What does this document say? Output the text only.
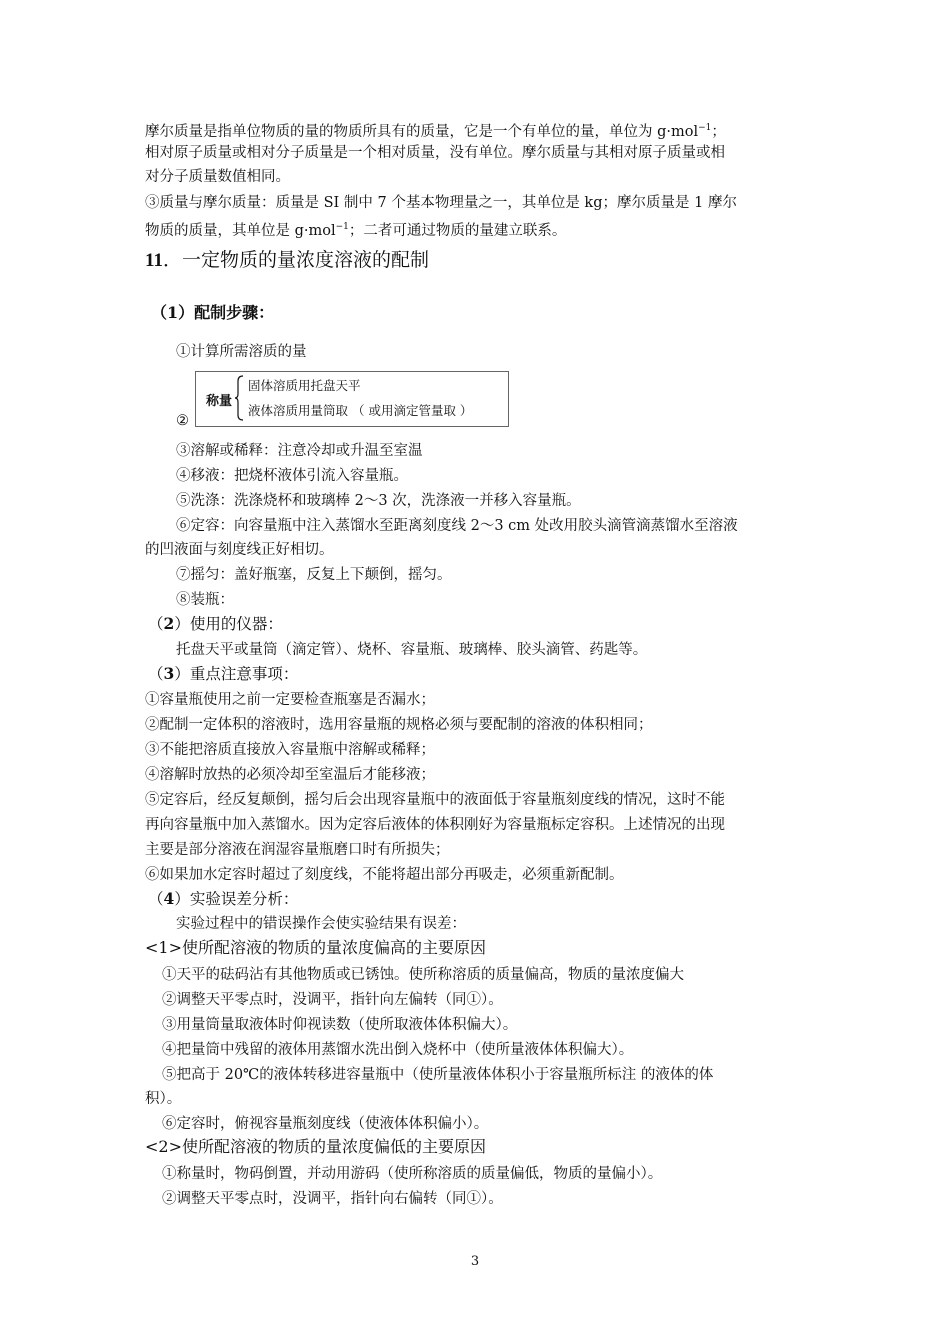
摩尔质量是指单位物质的量的物质所具有的质量，它是一个有单位的量，单位为 g·mol$^{-1}$；
相对原子质量或相对分子质量是一个相对质量，没有单位。摩尔质量与其相对原子质量或相
对分子质量数值相同。
③质量与摩尔质量：质量是 SI 制中 7 个基本物理量之一，其单位是 kg；摩尔质量是 1 摩尔
物质的质量，其单位是 g·mol$^{-1}$；二者可通过物质的量建立联系。
11．一定物质的量浓度溶液的配制
（1）配制步骤：
①计算所需溶质的量
称量
固体溶质用托盘天平
液体溶质用量筒取 （ 或用滴定管量取 ）
②
③溶解或稀释：注意冷却或升温至室温
④移液：把烧杯液体引流入容量瓶。
⑤洗涤：洗涤烧杯和玻璃棒 2～3 次，洗涤液一并移入容量瓶。
⑥定容：向容量瓶中注入蒸馏水至距离刻度线 2～3 cm 处改用胶头滴管滴蒸馏水至溶液
的凹液面与刻度线正好相切。
⑦摇匀：盖好瓶塞，反复上下颠倒，摇匀。
⑧装瓶：
（2）使用的仪器：
托盘天平或量筒（滴定管）、烧杯、容量瓶、玻璃棒、胶头滴管、药匙等。
（3）重点注意事项：
①容量瓶使用之前一定要检查瓶塞是否漏水；
②配制一定体积的溶液时，选用容量瓶的规格必须与要配制的溶液的体积相同；
③不能把溶质直接放入容量瓶中溶解或稀释；
④溶解时放热的必须冷却至室温后才能移液；
⑤定容后，经反复颠倒，摇匀后会出现容量瓶中的液面低于容量瓶刻度线的情况，这时不能
再向容量瓶中加入蒸馏水。因为定容后液体的体积刚好为容量瓶标定容积。上述情况的出现
主要是部分溶液在润湿容量瓶磨口时有所损失；
⑥如果加水定容时超过了刻度线，不能将超出部分再吸走，必须重新配制。
（4）实验误差分析：
实验过程中的错误操作会使实验结果有误差：
<1>使所配溶液的物质的量浓度偏高的主要原因
①天平的砝码沾有其他物质或已锈蚀。使所称溶质的质量偏高，物质的量浓度偏大
②调整天平零点时，没调平，指针向左偏转（同①）。
③用量筒量取液体时仰视读数（使所取液体体积偏大）。
④把量筒中残留的液体用蒸馏水洗出倒入烧杯中（使所量液体体积偏大）。
⑤把高于 20℃的液体转移进容量瓶中（使所量液体体积小于容量瓶所标注 的液体的体
积）。
⑥定容时，俯视容量瓶刻度线（使液体体积偏小）。
<2>使所配溶液的物质的量浓度偏低的主要原因
①称量时，物码倒置，并动用游码（使所称溶质的质量偏低，物质的量偏小）。
②调整天平零点时，没调平，指针向右偏转（同①）。
3
